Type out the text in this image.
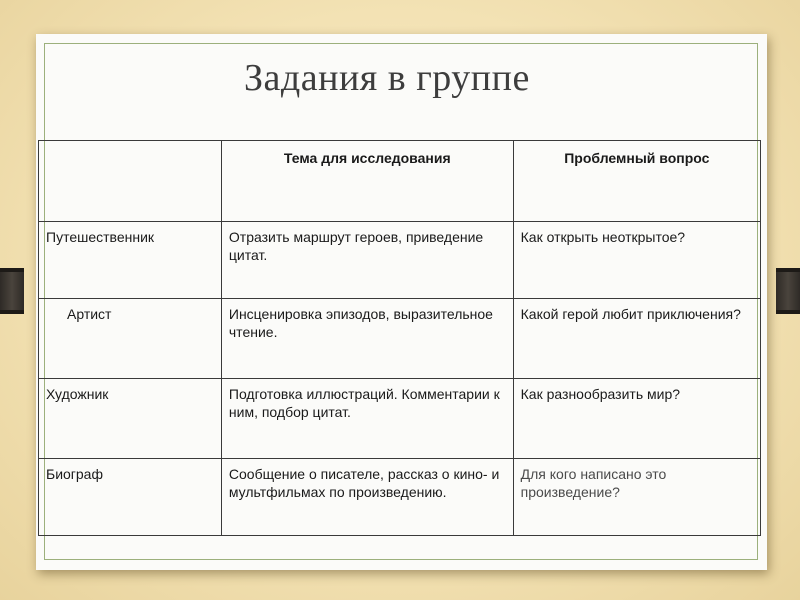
Задания в группе
	Тема для исследования	Проблемный вопрос
Путешественник	Отразить маршрут героев, приведение цитат.	Как открыть неоткрытое?
Артист	Инсценировка эпизодов, выразительное чтение.	Какой герой любит приключения?
Художник	Подготовка иллюстраций. Комментарии к ним, подбор цитат.	Как разнообразить мир?
Биограф	Сообщение о писателе, рассказ о кино- и мультфильмах по произведению.	Для кого написано это произведение?
